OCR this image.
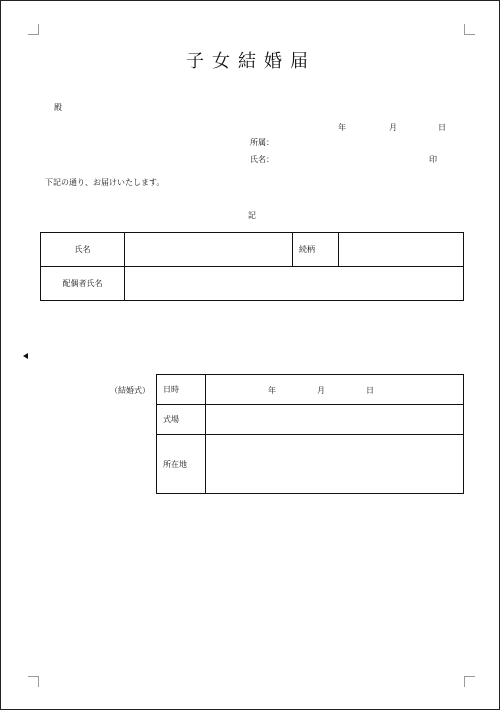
子女結婚届
殿
年	月	日
所属：
氏名：	印
下記の通り、お届けいたします。
記
氏名		続柄	
配偶者氏名			
（結婚式） 日時	年 月 日

式場	
所在地	
